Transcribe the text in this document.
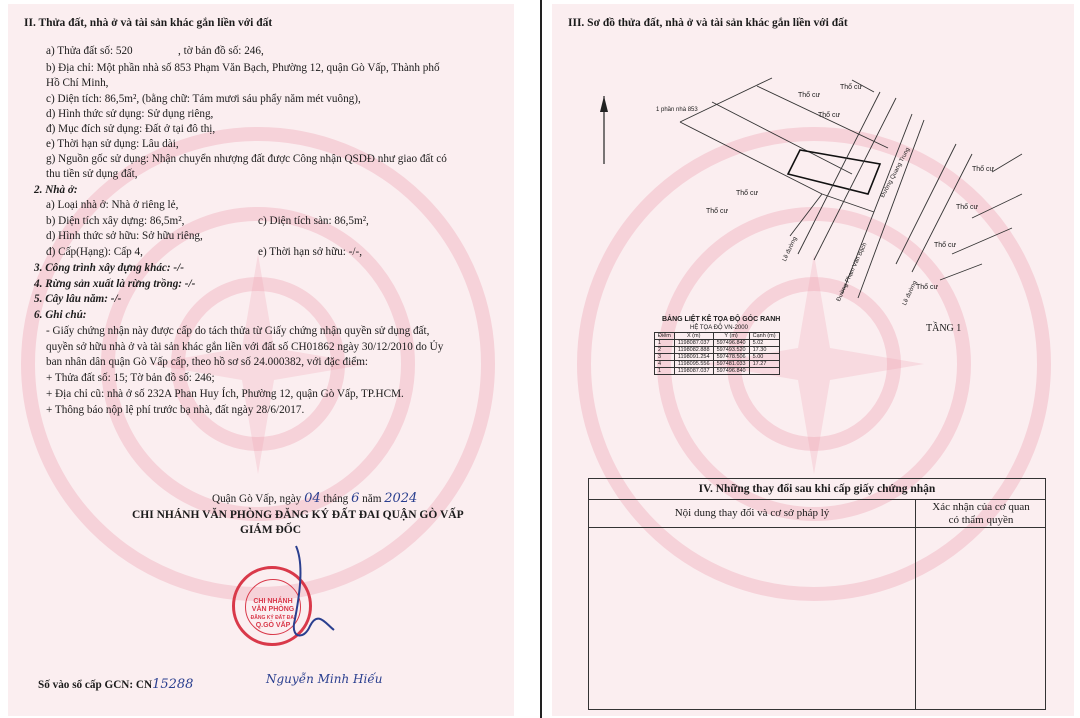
II. Thửa đất, nhà ở và tài sản khác gắn liền với đất
a) Thửa đất số: 520	, tờ bản đồ số: 246,
b) Địa chỉ: Một phần nhà số 853 Phạm Văn Bạch, Phường 12, quận Gò Vấp, Thành phố
Hồ Chí Minh,
c) Diện tích: 86,5m², (bằng chữ: Tám mươi sáu phẩy năm mét vuông),
d) Hình thức sử dụng: Sử dụng riêng,
đ) Mục đích sử dụng: Đất ở tại đô thị,
e) Thời hạn sử dụng: Lâu dài,
g) Nguồn gốc sử dụng: Nhận chuyển nhượng đất được Công nhận QSDĐ như giao đất có
thu tiền sử dụng đất,
2. Nhà ở:
a) Loại nhà ở: Nhà ở riêng lẻ,
b) Diện tích xây dựng: 86,5m²,	c) Diện tích sàn: 86,5m²,
d) Hình thức sở hữu: Sở hữu riêng,
đ) Cấp(Hạng): Cấp 4,	e) Thời hạn sở hữu: -/-,
3. Công trình xây dựng khác: -/-
4. Rừng sản xuất là rừng trồng: -/-
5. Cây lâu năm: -/-
6. Ghi chú:
- Giấy chứng nhận này được cấp do tách thửa từ Giấy chứng nhận quyền sử dụng đất,
quyền sở hữu nhà ở và tài sản khác gắn liền với đất số CH01862 ngày 30/12/2010 do Ủy
ban nhân dân quận Gò Vấp cấp, theo hồ sơ số 24.000382, với đặc điểm:
+ Thửa đất số: 15; Tờ bản đồ số: 246;
+ Địa chỉ cũ: nhà ở số 232A Phan Huy Ích, Phường 12, quận Gò Vấp, TP.HCM.
+ Thông báo nộp lệ phí trước bạ nhà, đất ngày 28/6/2017.
Quận Gò Vấp, ngày 04 tháng 6 năm 2024
CHI NHÁNH VĂN PHÒNG ĐĂNG KÝ ĐẤT ĐAI QUẬN GÒ VẤP
GIÁM ĐỐC
CHI NHÁNH
VĂN PHÒNG
ĐĂNG KÝ ĐẤT ĐAI
Q.GÒ VẤP
Nguyễn Minh Hiếu
Số vào sổ cấp GCN: CN15288
III. Sơ đồ thửa đất, nhà ở và tài sản khác gắn liền với đất
Thổ cư
Thổ cư
Thổ cư
Thổ cư
Thổ cư
Thổ cư
Thổ cư
Thổ cư
Thổ cư
1 phần nhà 853
Đường Quang Trung
Đường Phạm Văn Bạch
Lề đường
Lề đường
BẢNG LIỆT KÊ TỌA ĐỘ GÓC RANH
HỆ TỌA ĐỘ VN-2000
Điểm	X (m)	Y (m)	Cạnh (m)
1	1198087.037	597496.840	5.02
2	1198082.888	597493.520	17.30
3	1198091.254	597478.506	5.00
4	1198095.556	597481.033	17.27
1	1198087.037	597496.840	
TẦNG 1
IV. Những thay đổi sau khi cấp giấy chứng nhận
Nội dung thay đổi và cơ sở pháp lý	Xác nhận của cơ quan
có thẩm quyền
